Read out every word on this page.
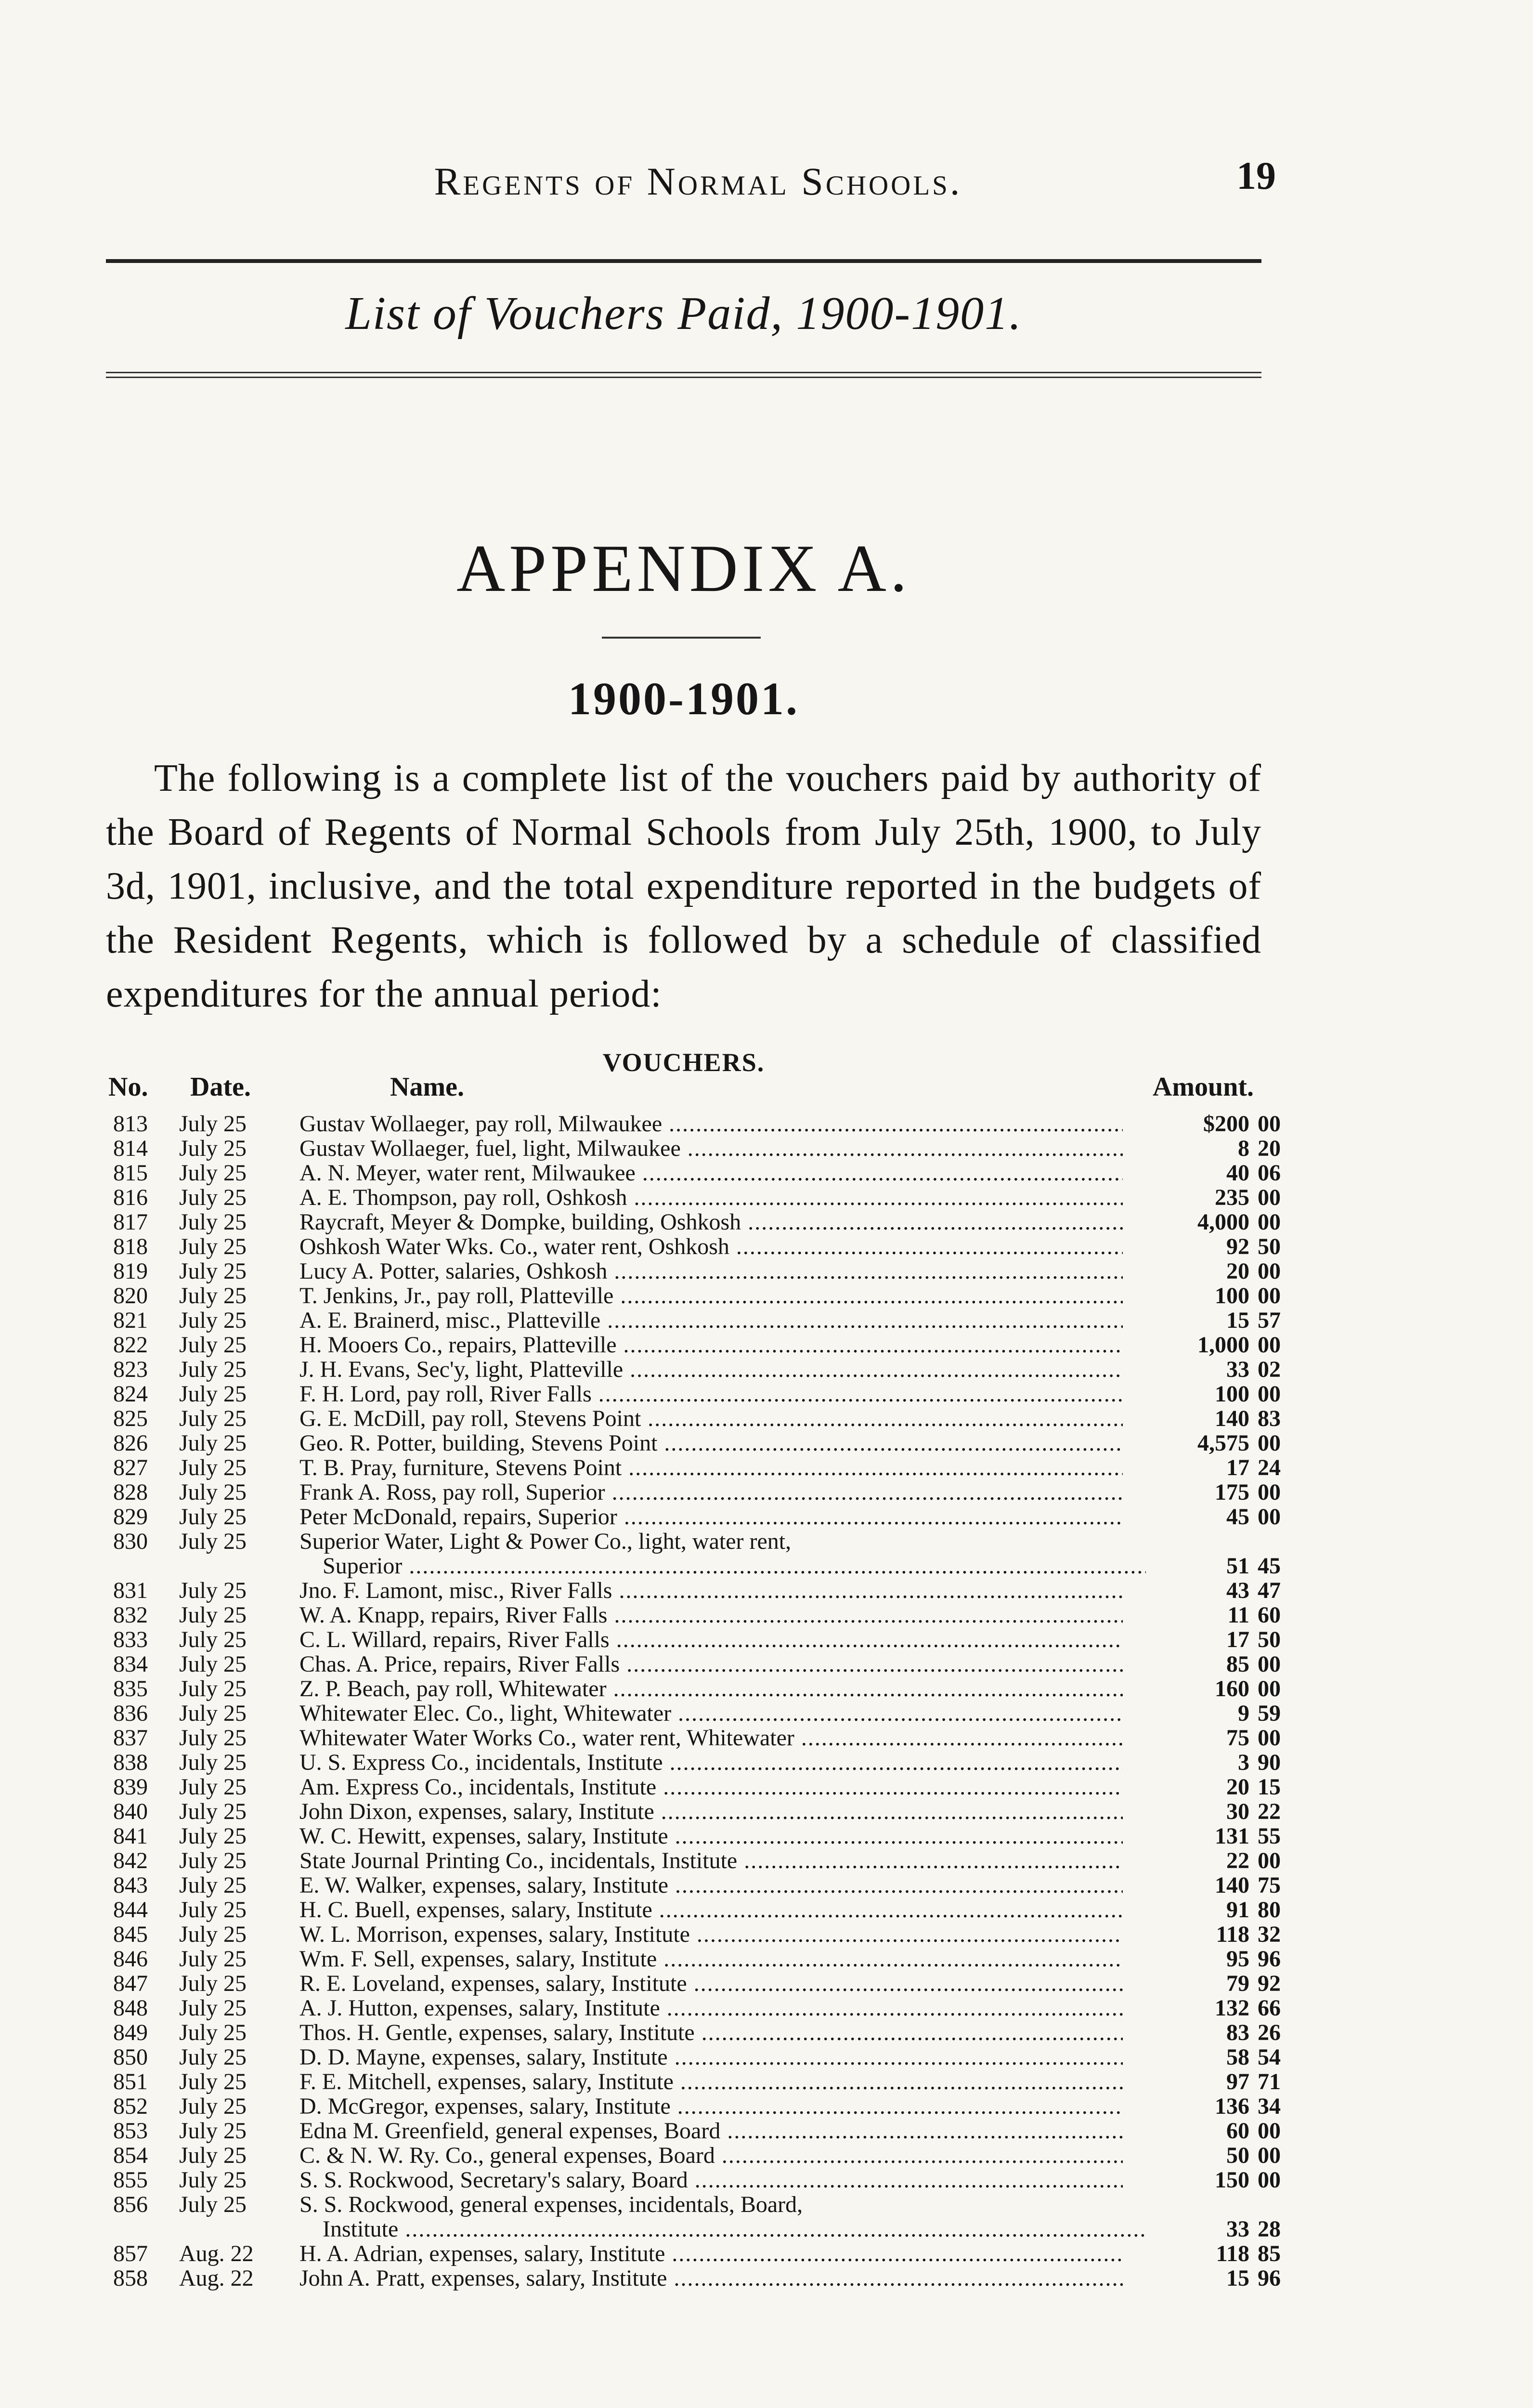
Regents of Normal Schools.	19
List of Vouchers Paid, 1900-1901.
APPENDIX A.
1900-1901.
The following is a complete list of the vouchers paid by authority of the Board of Regents of Normal Schools from July 25th, 1900, to July 3d, 1901, inclusive, and the total expenditure reported in the budgets of the Resident Regents, which is followed by a schedule of classified expenditures for the annual period:
VOUCHERS.
No. Date.	Name.	Amount.
813	July 25	Gustav Wollaeger, pay roll, Milwaukee .....	$200 00
814	July 25	Gustav Wollaeger, fuel, light, Milwaukee .....	8 20
815	July 25	A. N. Meyer, water rent, Milwaukee .....	40 06
816	July 25	A. E. Thompson, pay roll, Oshkosh .....	235 00
817	July 25	Raycraft, Meyer & Dompke, building, Oshkosh .....	4,000 00
818	July 25	Oshkosh Water Wks. Co., water rent, Oshkosh .....	92 50
819	July 25	Lucy A. Potter, salaries, Oshkosh .....	20 00
820	July 25	T. Jenkins, Jr., pay roll, Platteville .....	100 00
821	July 25	A. E. Brainerd, misc., Platteville .....	15 57
822	July 25	H. Mooers Co., repairs, Platteville .....	1,000 00
823	July 25	J. H. Evans, Sec'y, light, Platteville .....	33 02
824	July 25	F. H. Lord, pay roll, River Falls .....	100 00
825	July 25	G. E. McDill, pay roll, Stevens Point .....	140 83
826	July 25	Geo. R. Potter, building, Stevens Point .....	4,575 00
827	July 25	T. B. Pray, furniture, Stevens Point .....	17 24
828	July 25	Frank A. Ross, pay roll, Superior .....	175 00
829	July 25	Peter McDonald, repairs, Superior .....	45 00
830	July 25	Superior Water, Light & Power Co., light, water rent,
Superior .....	51 45
831	July 25	Jno. F. Lamont, misc., River Falls .....	43 47
832	July 25	W. A. Knapp, repairs, River Falls .....	11 60
833	July 25	C. L. Willard, repairs, River Falls .....	17 50
834	July 25	Chas. A. Price, repairs, River Falls .....	85 00
835	July 25	Z. P. Beach, pay roll, Whitewater .....	160 00
836	July 25	Whitewater Elec. Co., light, Whitewater .....	9 59
837	July 25	Whitewater Water Works Co., water rent, Whitewater .....	75 00
838	July 25	U. S. Express Co., incidentals, Institute .....	3 90
839	July 25	Am. Express Co., incidentals, Institute .....	20 15
840	July 25	John Dixon, expenses, salary, Institute .....	30 22
841	July 25	W. C. Hewitt, expenses, salary, Institute .....	131 55
842	July 25	State Journal Printing Co., incidentals, Institute .....	22 00
843	July 25	E. W. Walker, expenses, salary, Institute .....	140 75
844	July 25	H. C. Buell, expenses, salary, Institute .....	91 80
845	July 25	W. L. Morrison, expenses, salary, Institute .....	118 32
846	July 25	Wm. F. Sell, expenses, salary, Institute .....	95 96
847	July 25	R. E. Loveland, expenses, salary, Institute .....	79 92
848	July 25	A. J. Hutton, expenses, salary, Institute .....	132 66
849	July 25	Thos. H. Gentle, expenses, salary, Institute .....	83 26
850	July 25	D. D. Mayne, expenses, salary, Institute .....	58 54
851	July 25	F. E. Mitchell, expenses, salary, Institute .....	97 71
852	July 25	D. McGregor, expenses, salary, Institute .....	136 34
853	July 25	Edna M. Greenfield, general expenses, Board .....	60 00
854	July 25	C. & N. W. Ry. Co., general expenses, Board .....	50 00
855	July 25	S. S. Rockwood, Secretary's salary, Board .....	150 00
856	July 25	S. S. Rockwood, general expenses, incidentals, Board,
Institute .....	33 28
857	Aug. 22	H. A. Adrian, expenses, salary, Institute .....	118 85
858	Aug. 22	John A. Pratt, expenses, salary, Institute .....	15 96
